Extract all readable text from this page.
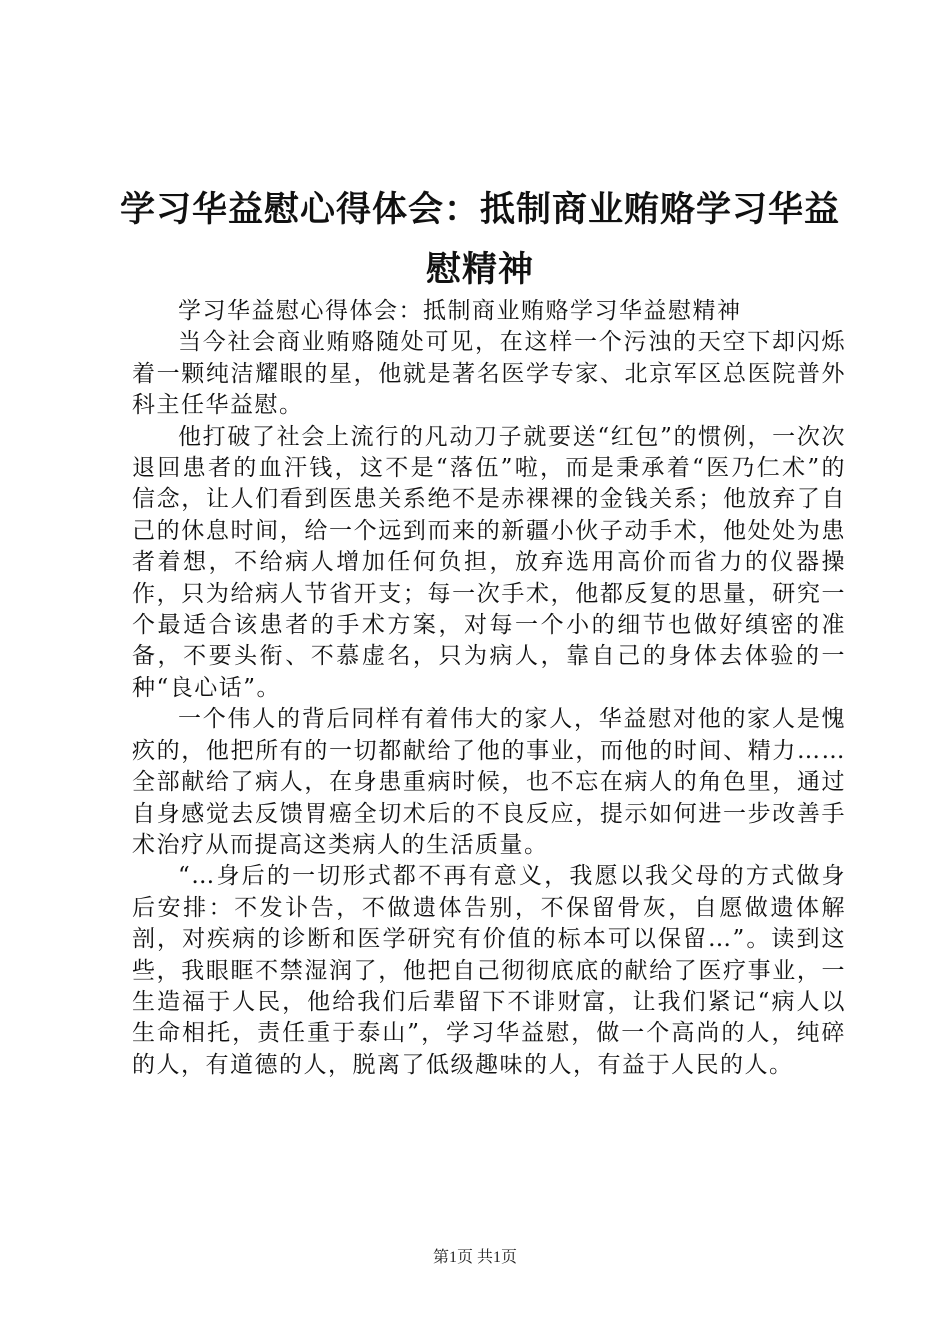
学习华益慰心得体会：抵制商业贿赂学习华益慰精神

学习华益慰心得体会：抵制商业贿赂学习华益慰精神

当今社会商业贿赂随处可见，在这样一个污浊的天空下却闪烁着一颗纯洁耀眼的星，他就是著名医学专家、北京军区总医院普外科主任华益慰。

他打破了社会上流行的凡动刀子就要送“红包”的惯例，一次次退回患者的血汗钱，这不是“落伍”啦，而是秉承着“医乃仁术”的信念，让人们看到医患关系绝不是赤裸裸的金钱关系；他放弃了自己的休息时间，给一个远到而来的新疆小伙子动手术，他处处为患者着想，不给病人增加任何负担，放弃选用高价而省力的仪器操作，只为给病人节省开支；每一次手术，他都反复的思量，研究一个最适合该患者的手术方案，对每一个小的细节也做好缜密的准备，不要头衔、不慕虚名，只为病人，靠自己的身体去体验的一种“良心话”。

一个伟人的背后同样有着伟大的家人，华益慰对他的家人是愧疚的，他把所有的一切都献给了他的事业，而他的时间、精力……全部献给了病人，在身患重病时候，也不忘在病人的角色里，通过自身感觉去反馈胃癌全切术后的不良反应，提示如何进一步改善手术治疗从而提高这类病人的生活质量。

“…身后的一切形式都不再有意义，我愿以我父母的方式做身后安排：不发讣告，不做遗体告别，不保留骨灰，自愿做遗体解剖，对疾病的诊断和医学研究有价值的标本可以保留…”。读到这些，我眼眶不禁湿润了，他把自己彻彻底底的献给了医疗事业，一生造福于人民，他给我们后辈留下不诽财富，让我们紧记“病人以生命相托，责任重于泰山”，学习华益慰，做一个高尚的人，纯碎的人，有道德的人，脱离了低级趣味的人，有益于人民的人。

第1页 共1页
